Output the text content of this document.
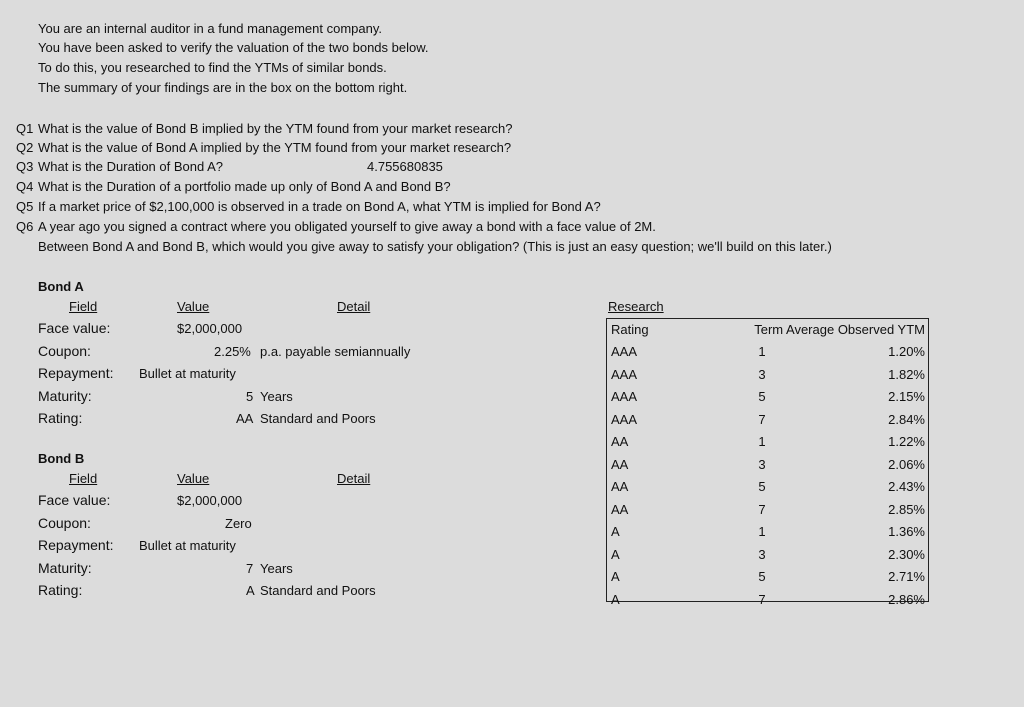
You are an internal auditor in a fund management company.
You have been asked to verify the valuation of the two bonds below.
To do this, you researched to find the YTMs of similar bonds.
The summary of your findings are in the box on the bottom right.
Q1 What is the value of Bond B implied by the YTM found from your market research?
Q2 What is the value of Bond A implied by the YTM found from your market research?
Q3 What is the Duration of Bond A?	4.755680835
Q4 What is the Duration of a portfolio made up only of Bond A and Bond B?
Q5 If a market price of $2,100,000 is observed in a trade on Bond A, what YTM is implied for Bond A?
Q6 A year ago you signed a contract where you obligated yourself to give away a bond with a face value of 2M.
Between Bond A and Bond B, which would you give away to satisfy your obligation? (This is just an easy question; we'll build on this later.)
Bond A
Field	Value	Detail
Face value:	$2,000,000
Coupon:	2.25% p.a. payable semiannually
Repayment: Bullet at maturity
Maturity:	5 Years
Rating:	AA Standard and Poors
Bond B
Field	Value	Detail
Face value:	$2,000,000
Coupon:	Zero
Repayment: Bullet at maturity
Maturity:	7 Years
Rating:	A Standard and Poors
Research
Rating	Term Average Observed YTM
AAA	1	1.20%
AAA	3	1.82%
AAA	5	2.15%
AAA	7	2.84%
AA	1	1.22%
AA	3	2.06%
AA	5	2.43%
AA	7	2.85%
A	1	1.36%
A	3	2.30%
A	5	2.71%
A	7	2.86%
